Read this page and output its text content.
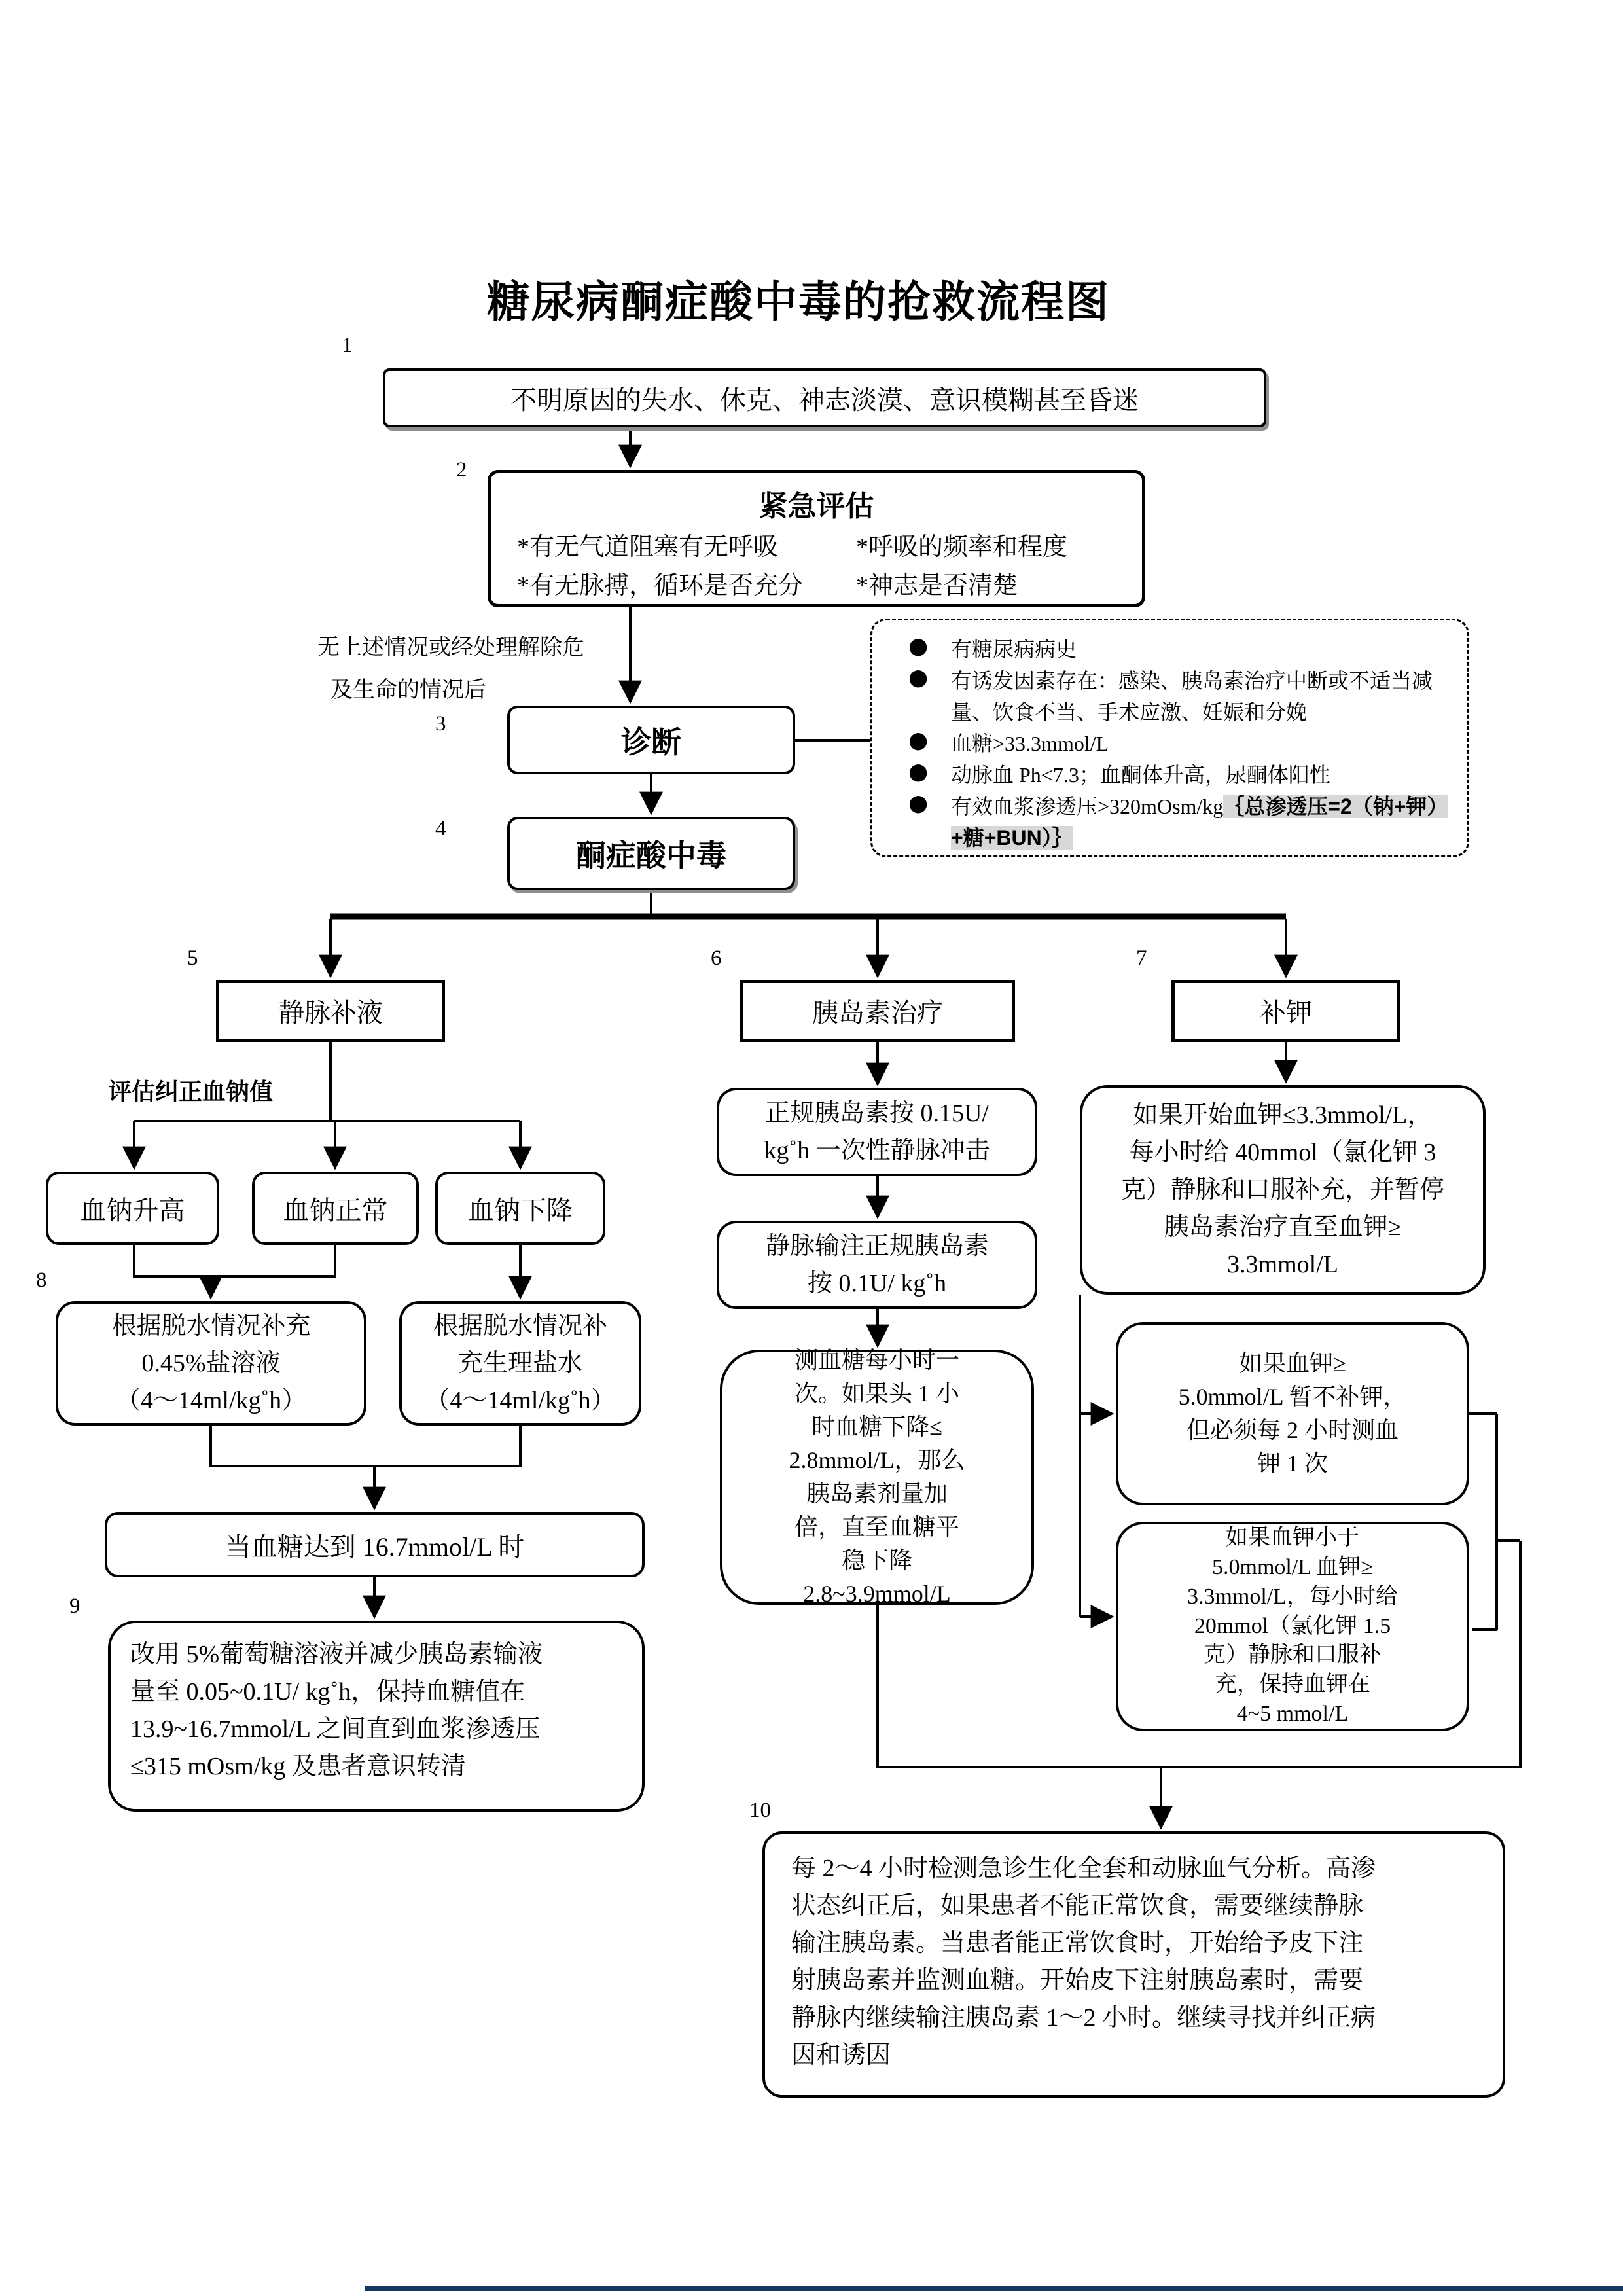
糖尿病酮症酸中毒的抢救流程图
1
2
3
4
5	6	7
8
9
10
不明原因的失水、休克、神志淡漠、意识模糊甚至昏迷
紧急评估
*有无气道阻塞有无呼吸	*呼吸的频率和程度
*有无脉搏，循环是否充分	*神志是否清楚
无上述情况或经处理解除危
及生命的情况后
诊断
⬤	有糖尿病病史
⬤	有诱发因素存在：感染、胰岛素治疗中断或不适当减量、饮食不当、手术应激、妊娠和分娩
⬤	血糖>33.3mmol/L
⬤	动脉血 Ph<7.3；血酮体升高，尿酮体阳性
⬤	有效血浆渗透压>320mOsm/kg｛总渗透压=2（钠+钾）+糖+BUN）｝
酮症酸中毒
静脉补液	胰岛素治疗	补钾
评估纠正血钠值
血钠升高	血钠正常	血钠下降
根据脱水情况补充
0.45%盐溶液
（4～14ml/kg˚h）
根据脱水情况补
充生理盐水
（4～14ml/kg˚h）
当血糖达到 16.7mmol/L 时
改用 5%葡萄糖溶液并减少胰岛素输液
量至 0.05~0.1U/ kg˚h，保持血糖值在
13.9~16.7mmol/L 之间直到血浆渗透压
≤315 mOsm/kg 及患者意识转清
正规胰岛素按 0.15U/
kg˚h 一次性静脉冲击
静脉输注正规胰岛素
按 0.1U/ kg˚h
测血糖每小时一
次。如果头 1 小
时血糖下降≤
2.8mmol/L，那么
胰岛素剂量加
倍，直至血糖平
稳下降
2.8~3.9mmol/L
如果开始血钾≤3.3mmol/L，
每小时给 40mmol（氯化钾 3
克）静脉和口服补充，并暂停
胰岛素治疗直至血钾≥
3.3mmol/L
如果血钾≥
5.0mmol/L 暂不补钾，
但必须每 2 小时测血
钾 1 次
如果血钾小于
5.0mmol/L 血钾≥
3.3mmol/L，每小时给
20mmol（氯化钾 1.5
克）静脉和口服补
充，保持血钾在
4~5 mmol/L
每 2～4 小时检测急诊生化全套和动脉血气分析。高渗
状态纠正后，如果患者不能正常饮食，需要继续静脉
输注胰岛素。当患者能正常饮食时，开始给予皮下注
射胰岛素并监测血糖。开始皮下注射胰岛素时，需要
静脉内继续输注胰岛素 1～2 小时。继续寻找并纠正病
因和诱因
